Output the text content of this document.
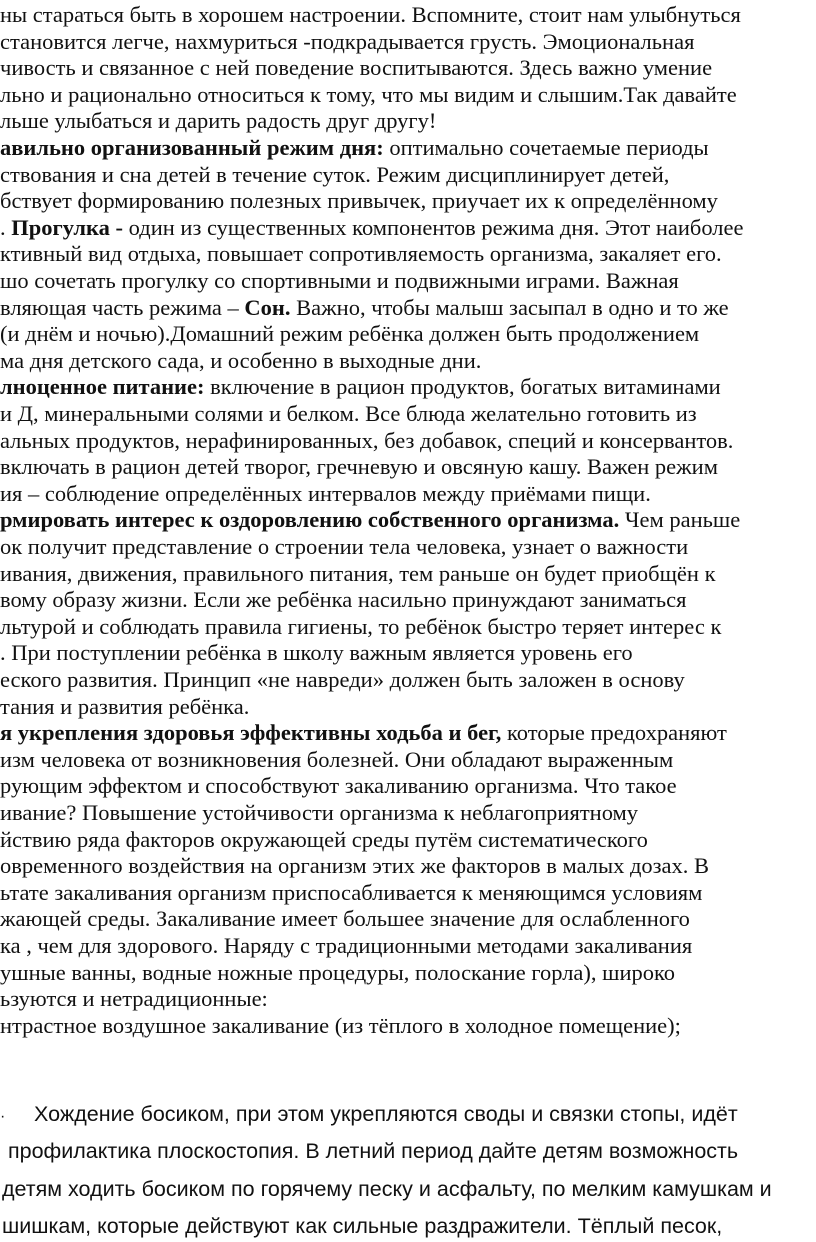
ны стараться быть в хорошем настроении. Вспомните, стоит нам улыбнуться
становится легче, нахмуриться -подкрадывается грусть. Эмоциональная
чивость и связанное с ней поведение воспитываются. Здесь важно умение
льно и рационально относиться к тому, что мы видим и слышим.Так давайте
льше улыбаться и дарить радость друг другу!
авильно организованный режим дня: оптимально сочетаемые периоды
ствования и сна детей в течение суток. Режим дисциплинирует детей,
бствует формированию полезных привычек, приучает их к определённому
. Прогулка - один из существенных компонентов режима дня. Этот наиболее
ктивный вид отдыха, повышает сопротивляемость организма, закаляет его.
шо сочетать прогулку со спортивными и подвижными играми. Важная
вляющая часть режима – Сон. Важно, чтобы малыш засыпал в одно и то же
(и днём и ночью).Домашний режим ребёнка должен быть продолжением
ма дня детского сада, и особенно в выходные дни.
лноценное питание: включение в рацион продуктов, богатых витаминами
и Д, минеральными солями и белком. Все блюда желательно готовить из
альных продуктов, нерафинированных, без добавок, специй и консервантов.
включать в рацион детей творог, гречневую и овсяную кашу. Важен режим
ия – соблюдение определённых интервалов между приёмами пищи.
рмировать интерес к оздоровлению собственного организма. Чем раньше
ок получит представление о строении тела человека, узнает о важности
ивания, движения, правильного питания, тем раньше он будет приобщён к
вому образу жизни. Если же ребёнка насильно принуждают заниматься
льтурой и соблюдать правила гигиены, то ребёнок быстро теряет интерес к
. При поступлении ребёнка в школу важным является уровень его
еского развития. Принцип «не навреди» должен быть заложен в основу
тания и развития ребёнка.
я укрепления здоровья эффективны ходьба и бег, которые предохраняют
изм человека от возникновения болезней. Они обладают выраженным
рующим эффектом и способствуют закаливанию организма. Что такое
ивание? Повышение устойчивости организма к неблагоприятному
йствию ряда факторов окружающей среды путём систематического
овременного воздействия на организм этих же факторов в малых дозах. В
ьтате закаливания организм приспосабливается к меняющимся условиям
жающей среды. Закаливание имеет большее значение для ослабленного
ка , чем для здорового. Наряду с традиционными методами закаливания
ушные ванны, водные ножные процедуры, полоскание горла), широко
ьзуются и нетрадиционные:
нтрастное воздушное закаливание (из тёплого в холодное помещение);
· Хождение босиком, при этом укрепляются своды и связки стопы, идёт
профилактика плоскостопия. В летний период дайте детям возможность
детям ходить босиком по горячему песку и асфальту, по мелким камушкам и
шишкам, которые действуют как сильные раздражители. Тёплый песок,
